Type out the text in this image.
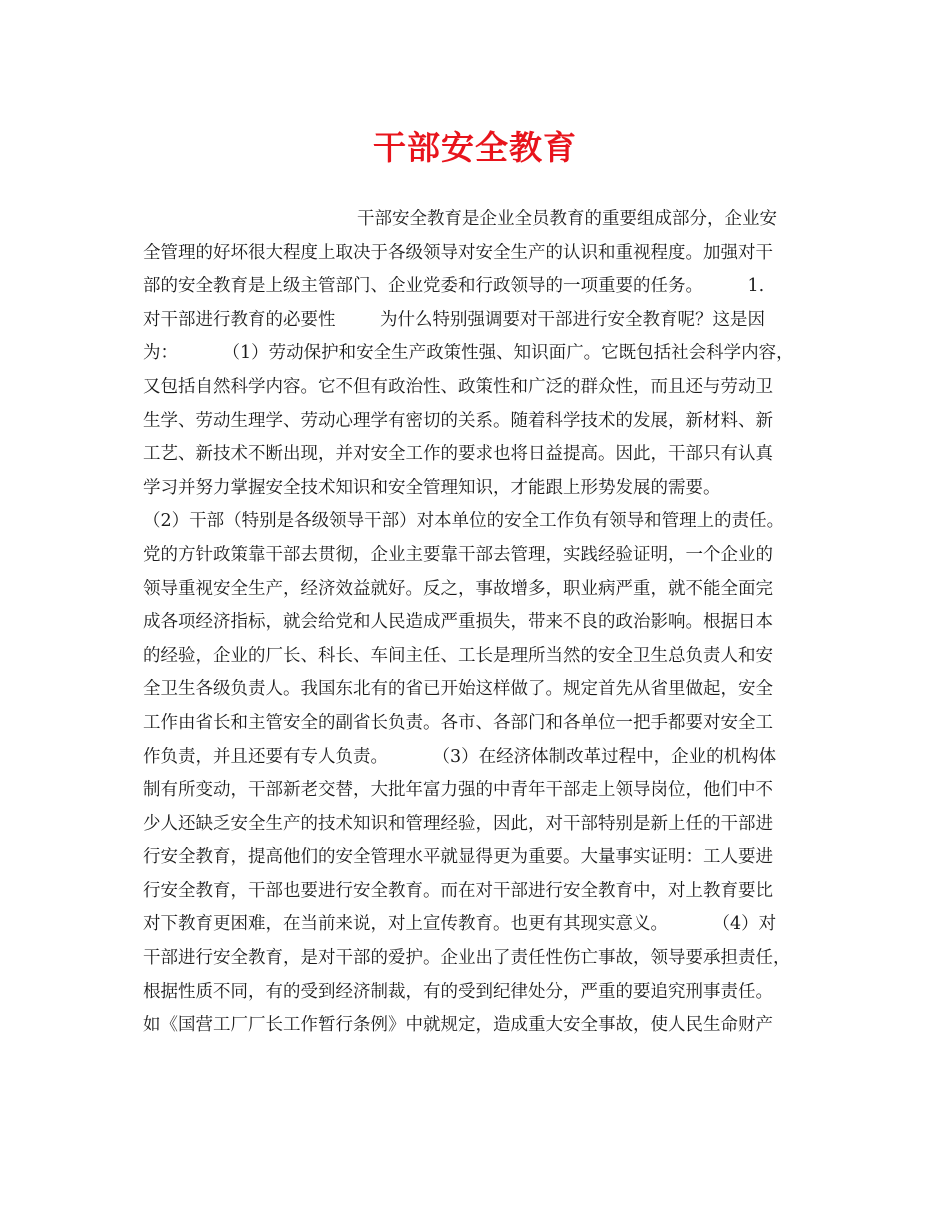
干部安全教育
干部安全教育是企业全员教育的重要组成部分，企业安
全管理的好坏很大程度上取决于各级领导对安全生产的认识和重视程度。加强对干
部的安全教育是上级主管部门、企业党委和行政领导的一项重要的任务。        1.
对干部进行教育的必要性        为什么特别强调要对干部进行安全教育呢？这是因
为：        （1）劳动保护和安全生产政策性强、知识面广。它既包括社会科学内容，
又包括自然科学内容。它不但有政治性、政策性和广泛的群众性，而且还与劳动卫
生学、劳动生理学、劳动心理学有密切的关系。随着科学技术的发展，新材料、新
工艺、新技术不断出现，并对安全工作的要求也将日益提高。因此，干部只有认真
学习并努力掌握安全技术知识和安全管理知识，才能跟上形势发展的需要。
（2）干部（特别是各级领导干部）对本单位的安全工作负有领导和管理上的责任。
党的方针政策靠干部去贯彻，企业主要靠干部去管理，实践经验证明，一个企业的
领导重视安全生产，经济效益就好。反之，事故增多，职业病严重，就不能全面完
成各项经济指标，就会给党和人民造成严重损失，带来不良的政治影响。根据日本
的经验，企业的厂长、科长、车间主任、工长是理所当然的安全卫生总负责人和安
全卫生各级负责人。我国东北有的省已开始这样做了。规定首先从省里做起，安全
工作由省长和主管安全的副省长负责。各市、各部门和各单位一把手都要对安全工
作负责，并且还要有专人负责。        （3）在经济体制改革过程中，企业的机构体
制有所变动，干部新老交替，大批年富力强的中青年干部走上领导岗位，他们中不
少人还缺乏安全生产的技术知识和管理经验，因此，对干部特别是新上任的干部进
行安全教育，提高他们的安全管理水平就显得更为重要。大量事实证明：工人要进
行安全教育，干部也要进行安全教育。而在对干部进行安全教育中，对上教育要比
对下教育更困难，在当前来说，对上宣传教育。也更有其现实意义。        （4）对
干部进行安全教育，是对干部的爱护。企业出了责任性伤亡事故，领导要承担责任，
根据性质不同，有的受到经济制裁，有的受到纪律处分，严重的要追究刑事责任。
如《国营工厂厂长工作暂行条例》中就规定，造成重大安全事故，使人民生命财产
